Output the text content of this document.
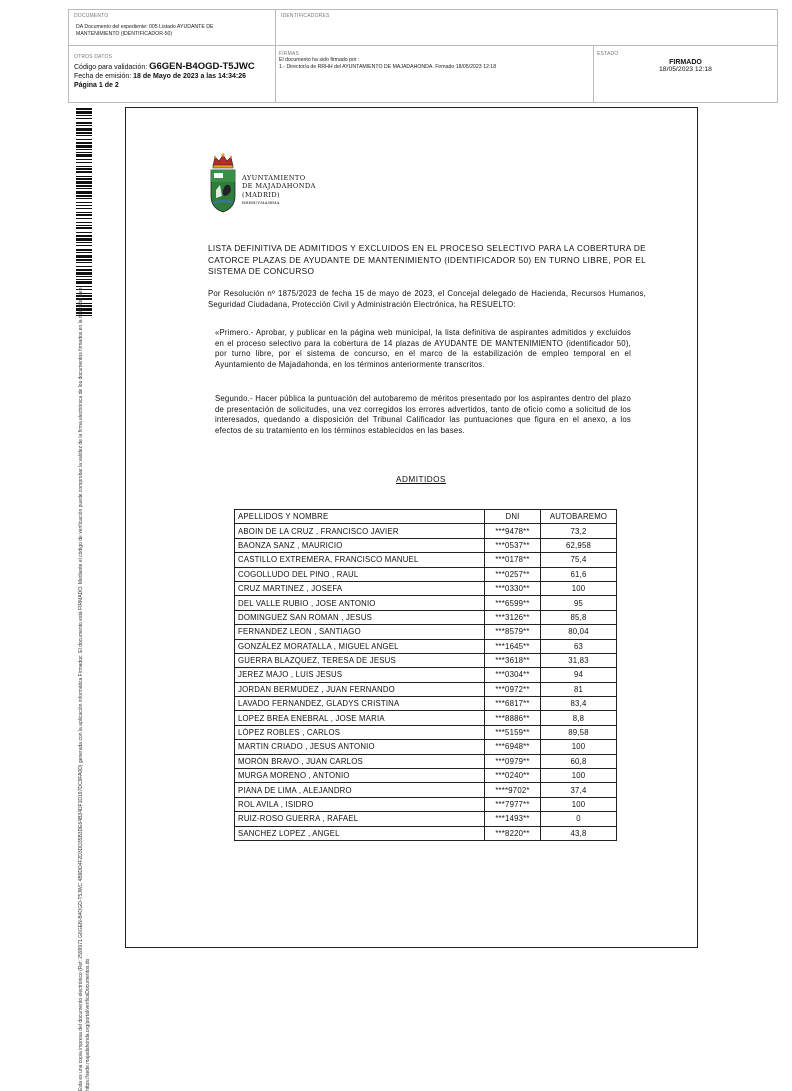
DOCUMENTO
DA Documento del expediente: 005 Listado AYUDANTE DE MANTENIMIENTO (IDENTIFICADOR-50)
IDENTIFICADORES
OTROS DATOS
Código para validación: G6GEN-B4OGD-T5JWC
Fecha de emisión: 18 de Mayo de 2023 a las 14:34:26
Página 1 de 2
FIRMAS
El documento ha sido firmado por :
1.- Director/a de RRHH del AYUNTAMIENTO DE MAJADAHONDA. Firmado 18/05/2023 12:18
ESTADO
FIRMADO
18/05/2023 12:18
Esta es una copia impresa del documento electrónico (Ref: 2599971 G6GEN-B4OGD-T5JWC 4B9DD4F2D3DD35B3DE64B34DF1D197DC9FA0D) generada con la aplicación informática Firmadoc. El documento está FIRMADO. Mediante el código de verificación puede comprobar la validez de la firma electrónica de los documentos firmados en la dirección web: https://sede.majadahonda.org/portal/verificaDocumentos.do
AYUNTAMIENTO
DE MAJADAHONDA
(MADRID)
RRHH/YMA/BMA
LISTA DEFINITIVA DE ADMITIDOS Y EXCLUIDOS EN EL PROCESO SELECTIVO PARA LA COBERTURA DE CATORCE PLAZAS DE AYUDANTE DE MANTENIMIENTO (IDENTIFICADOR 50) EN TURNO LIBRE, POR EL SISTEMA DE CONCURSO
Por Resolución nº 1875/2023 de fecha 15 de mayo de 2023, el Concejal delegado de Hacienda, Recursos Humanos, Seguridad Ciudadana, Protección Civil y Administración Electrónica, ha RESUELTO:
«Primero.- Aprobar, y publicar en la página web municipal, la lista definitiva de aspirantes admitidos y excluidos en el proceso selectivo para la cobertura de 14 plazas de AYUDANTE DE MANTENIMIENTO (identificador 50), por turno libre, por el sistema de concurso, en el marco de la estabilización de empleo temporal en el Ayuntamiento de Majadahonda, en los términos anteriormente transcritos.
Segundo.- Hacer pública la puntuación del autobaremo de méritos presentado por los aspirantes dentro del plazo de presentación de solicitudes, una vez corregidos los errores advertidos, tanto de oficio como a solicitud de los interesados, quedando a disposición del Tribunal Calificador las puntuaciones que figura en el anexo, a los efectos de su tratamiento en los términos establecidos en las bases.
ADMITIDOS
APELLIDOS Y NOMBRE	DNI	AUTOBAREMO
ABOIN DE LA CRUZ , FRANCISCO JAVIER	***9478**	73,2
BAONZA SANZ , MAURICIO	***0537**	62,958
CASTILLO EXTREMERA, FRANCISCO MANUEL	***0178**	75,4
COGOLLUDO DEL PINO , RAUL	***0257**	61,6
CRUZ MARTINEZ , JOSEFA	***0330**	100
DEL VALLE RUBIO , JOSE ANTONIO	***6599**	95
DOMINGUEZ SAN ROMAN , JESUS	***3126**	85,8
FERNANDEZ LEON , SANTIAGO	***8579**	80,04
GONZÁLEZ MORATALLA , MIGUEL ANGEL	***1645**	63
GUERRA BLAZQUEZ, TERESA DE JESUS	***3618**	31,83
JEREZ MAJO , LUIS JESUS	***0304**	94
JORDAN BERMUDEZ , JUAN FERNANDO	***0972**	81
LAVADO FERNANDEZ, GLADYS CRISTINA	***6817**	83,4
LOPEZ BREA ENEBRAL , JOSE MARIA	***8886**	8,8
LÓPEZ ROBLES , CARLOS	***5159**	89,58
MARTIN CRIADO , JESUS ANTONIO	***6948**	100
MORÓN BRAVO , JUAN CARLOS	***0979**	60,8
MURGA MORENO , ANTONIO	***0240**	100
PIANA DE LIMA , ALEJANDRO	****9702*	37,4
ROL AVILA , ISIDRO	***7977**	100
RUIZ-ROSO GUERRA , RAFAEL	***1493**	0
SANCHEZ LOPEZ , ANGEL	***8220**	43,8
